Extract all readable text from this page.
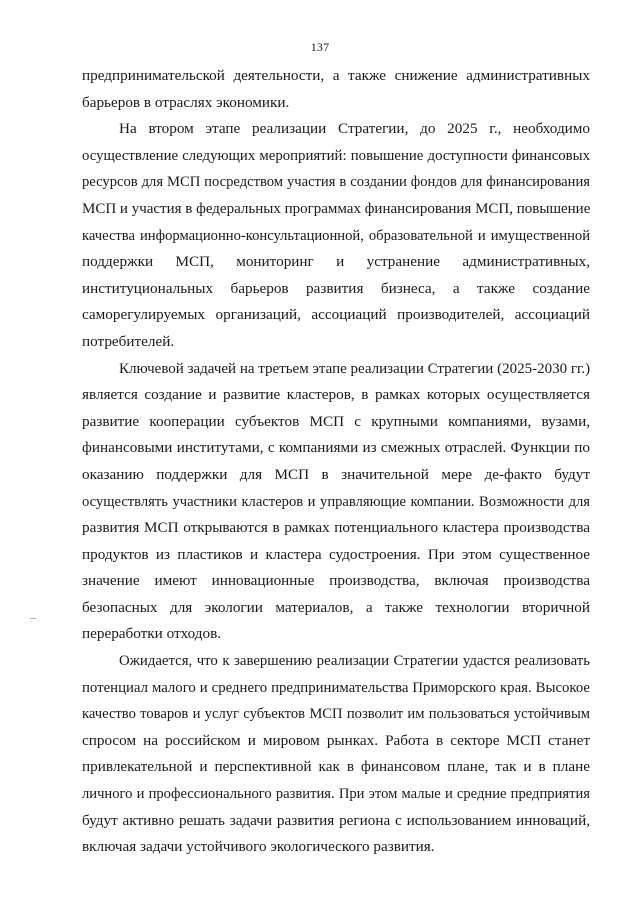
137
предпринимательской деятельности, а также снижение административных
барьеров в отраслях экономики.
На втором этапе реализации Стратегии, до 2025 г., необходимо
осуществление следующих мероприятий: повышение доступности финансовых
ресурсов для МСП посредством участия в создании фондов для финансирования
МСП и участия в федеральных программах финансирования МСП, повышение
качества информационно-консультационной, образовательной и имущественной
поддержки МСП, мониторинг и устранение административных,
институциональных барьеров развития бизнеса, а также создание
саморегулируемых организаций, ассоциаций производителей, ассоциаций
потребителей.
Ключевой задачей на третьем этапе реализации Стратегии (2025-2030 гг.)
является создание и развитие кластеров, в рамках которых осуществляется
развитие кооперации субъектов МСП с крупными компаниями, вузами,
финансовыми институтами, с компаниями из смежных отраслей. Функции по
оказанию поддержки для МСП в значительной мере де-факто будут
осуществлять участники кластеров и управляющие компании. Возможности для
развития МСП открываются в рамках потенциального кластера производства
продуктов из пластиков и кластера судостроения. При этом существенное
значение имеют инновационные производства, включая производства
безопасных для экологии материалов, а также технологии вторичной
переработки отходов.
Ожидается, что к завершению реализации Стратегии удастся реализовать
потенциал малого и среднего предпринимательства Приморского края. Высокое
качество товаров и услуг субъектов МСП позволит им пользоваться устойчивым
спросом на российском и мировом рынках. Работа в секторе МСП станет
привлекательной и перспективной как в финансовом плане, так и в плане
личного и профессионального развития. При этом малые и средние предприятия
будут активно решать задачи развития региона с использованием инноваций,
включая задачи устойчивого экологического развития.
